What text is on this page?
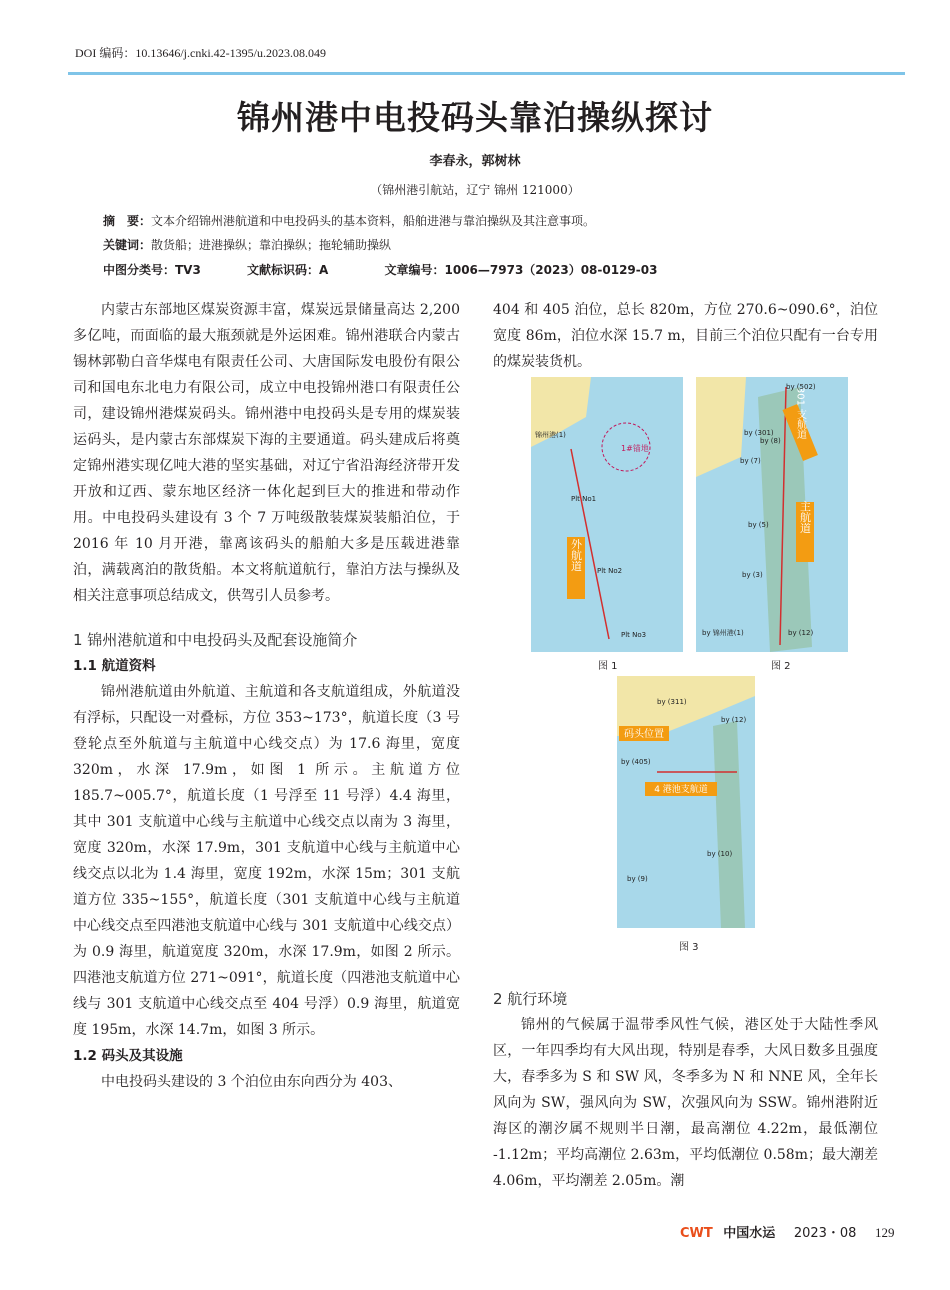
DOI 编码：10.13646/j.cnki.42-1395/u.2023.08.049
锦州港中电投码头靠泊操纵探讨
李春永，郭树林
（锦州港引航站，辽宁 锦州 121000）
摘　要：文本介绍锦州港航道和中电投码头的基本资料，船舶进港与靠泊操纵及其注意事项。
关键词：散货船；进港操纵；靠泊操纵；拖轮辅助操纵
中图分类号：TV3	文献标识码：A	文章编号：1006—7973（2023）08-0129-03

内蒙古东部地区煤炭资源丰富，煤炭远景储量高达 2,200 多亿吨，而面临的最大瓶颈就是外运困难。锦州港联合内蒙古锡林郭勒白音华煤电有限责任公司、大唐国际发电股份有限公司和国电东北电力有限公司，成立中电投锦州港口有限责任公司，建设锦州港煤炭码头。锦州港中电投码头是专用的煤炭装运码头，是内蒙古东部煤炭下海的主要通道。码头建成后将奠定锦州港实现亿吨大港的坚实基础，对辽宁省沿海经济带开发开放和辽西、蒙东地区经济一体化起到巨大的推进和带动作用。中电投码头建设有 3 个 7 万吨级散装煤炭装船泊位，于 2016 年 10 月开港，靠离该码头的船舶大多是压载进港靠泊，满载离泊的散货船。本文将航道航行，靠泊方法与操纵及相关注意事项总结成文，供驾引人员参考。

1 锦州港航道和中电投码头及配套设施简介
1.1 航道资料

锦州港航道由外航道、主航道和各支航道组成，外航道没有浮标，只配设一对叠标，方位 353~173°，航道长度（3 号登轮点至外航道与主航道中心线交点）为 17.6 海里，宽度 320m，水深 17.9m，如图 1 所示。主航道方位 185.7~005.7°，航道长度（1 号浮至 11 号浮）4.4 海里，其中 301 支航道中心线与主航道中心线交点以南为 3 海里，宽度 320m，水深 17.9m，301 支航道中心线与主航道中心线交点以北为 1.4 海里，宽度 192m，水深 15m；301 支航道方位 335~155°，航道长度（301 支航道中心线与主航道中心线交点至四港池支航道中心线与 301 支航道中心线交点）为 0.9 海里，航道宽度 320m，水深 17.9m，如图 2 所示。四港池支航道方位 271~091°，航道长度（四港池支航道中心线与 301 支航道中心线交点至 404 号浮）0.9 海里，航道宽度 195m，水深 14.7m，如图 3 所示。

1.2 码头及其设施

中电投码头建设的 3 个泊位由东向西分为 403、

404 和 405 泊位，总长 820m，方位 270.6~090.6°，泊位宽度 86m，泊位水深 15.7 m，目前三个泊位只配有一台专用的煤炭装货机。
外航道
1#锚地
锦州港(1)
Plt No1
Plt No2
Plt No3
图 1
301 支航道
主航道
by (502)
by (301)
by (8)
by (7)
by (5)
by (3)
by 锦州港(1)	by (12)
图 2
码头位置
4 港池支航道
by (311)
by (12)
by (405)
by (10)
by (9)
图 3
2 航行环境

锦州的气候属于温带季风性气候，港区处于大陆性季风区，一年四季均有大风出现，特别是春季，大风日数多且强度大，春季多为 S 和 SW 风，冬季多为 N 和 NNE 风，全年长风向为 SW，强风向为 SW，次强风向为 SSW。锦州港附近海区的潮汐属不规则半日潮，最高潮位 4.22m，最低潮位 -1.12m；平均高潮位 2.63m，平均低潮位 0.58m；最大潮差 4.06m，平均潮差 2.05m。潮

CWT 中国水运 2023・08 129
